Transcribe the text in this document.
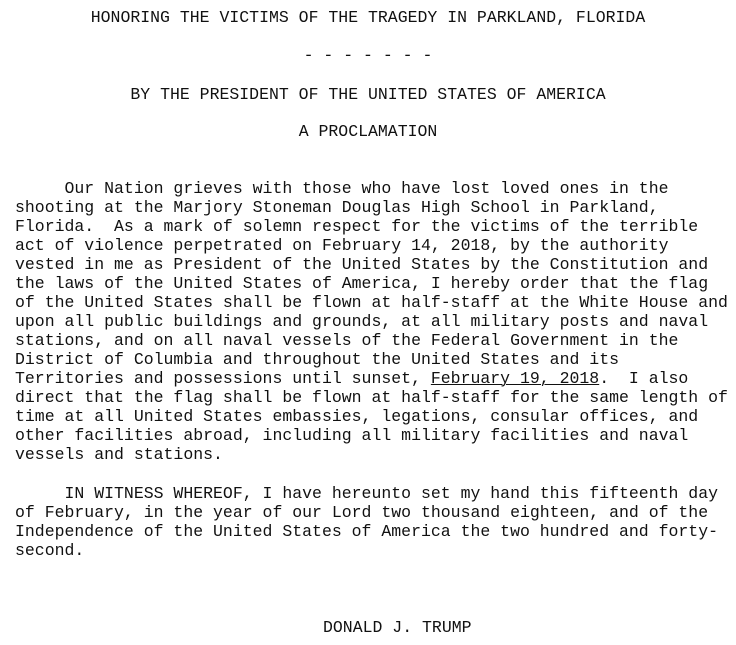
HONORING THE VICTIMS OF THE TRAGEDY IN PARKLAND, FLORIDA
- - - - - - -
BY THE PRESIDENT OF THE UNITED STATES OF AMERICA
A PROCLAMATION
Our Nation grieves with those who have lost loved ones in the
shooting at the Marjory Stoneman Douglas High School in Parkland,
Florida.  As a mark of solemn respect for the victims of the terrible
act of violence perpetrated on February 14, 2018, by the authority
vested in me as President of the United States by the Constitution and
the laws of the United States of America, I hereby order that the flag
of the United States shall be flown at half-staff at the White House and
upon all public buildings and grounds, at all military posts and naval
stations, and on all naval vessels of the Federal Government in the
District of Columbia and throughout the United States and its
Territories and possessions until sunset, February 19, 2018.  I also
direct that the flag shall be flown at half-staff for the same length of
time at all United States embassies, legations, consular offices, and
other facilities abroad, including all military facilities and naval
vessels and stations.
IN WITNESS WHEREOF, I have hereunto set my hand this fifteenth day
of February, in the year of our Lord two thousand eighteen, and of the
Independence of the United States of America the two hundred and forty-
second.
DONALD J. TRUMP
